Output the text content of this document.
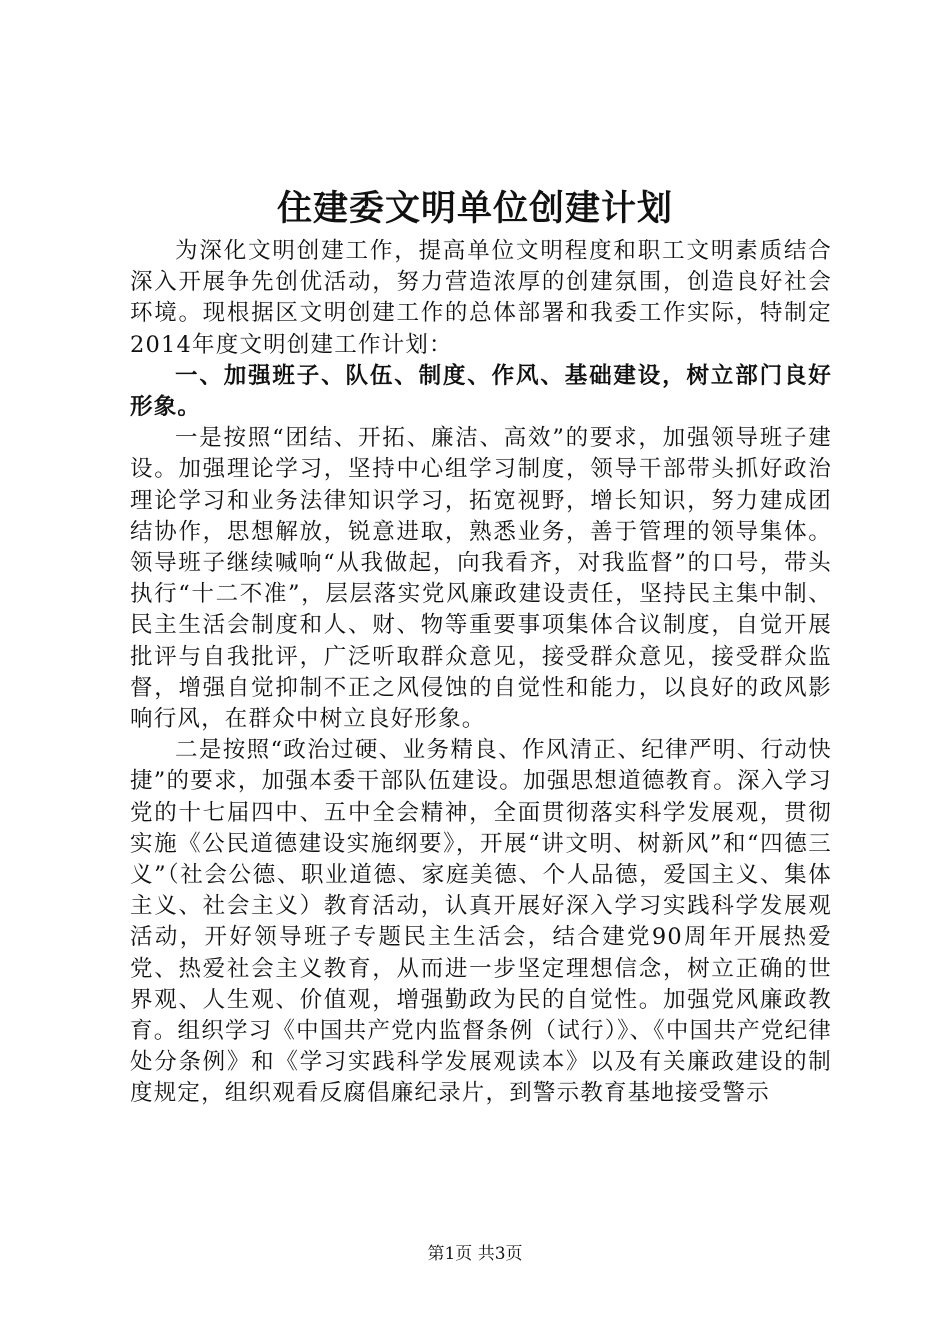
住建委文明单位创建计划

为深化文明创建工作，提高单位文明程度和职工文明素质结合深入开展争先创优活动，努力营造浓厚的创建氛围，创造良好社会环境。现根据区文明创建工作的总体部署和我委工作实际，特制定2014年度文明创建工作计划：

一、加强班子、队伍、制度、作风、基础建设，树立部门良好形象。

一是按照“团结、开拓、廉洁、高效”的要求，加强领导班子建设。加强理论学习，坚持中心组学习制度，领导干部带头抓好政治理论学习和业务法律知识学习，拓宽视野，增长知识，努力建成团结协作，思想解放，锐意进取，熟悉业务，善于管理的领导集体。领导班子继续喊响“从我做起，向我看齐，对我监督”的口号，带头执行“十二不准”，层层落实党风廉政建设责任，坚持民主集中制、民主生活会制度和人、财、物等重要事项集体合议制度，自觉开展批评与自我批评，广泛听取群众意见，接受群众意见，接受群众监督，增强自觉抑制不正之风侵蚀的自觉性和能力，以良好的政风影响行风，在群众中树立良好形象。

二是按照“政治过硬、业务精良、作风清正、纪律严明、行动快捷”的要求，加强本委干部队伍建设。加强思想道德教育。深入学习党的十七届四中、五中全会精神，全面贯彻落实科学发展观，贯彻实施《公民道德建设实施纲要》，开展“讲文明、树新风”和“四德三义”（社会公德、职业道德、家庭美德、个人品德，爱国主义、集体主义、社会主义）教育活动，认真开展好深入学习实践科学发展观活动，开好领导班子专题民主生活会，结合建党90周年开展热爱党、热爱社会主义教育，从而进一步坚定理想信念，树立正确的世界观、人生观、价值观，增强勤政为民的自觉性。加强党风廉政教育。组织学习《中国共产党内监督条例（试行）》、《中国共产党纪律处分条例》和《学习实践科学发展观读本》以及有关廉政建设的制度规定，组织观看反腐倡廉纪录片，到警示教育基地接受警示

第1页 共3页
